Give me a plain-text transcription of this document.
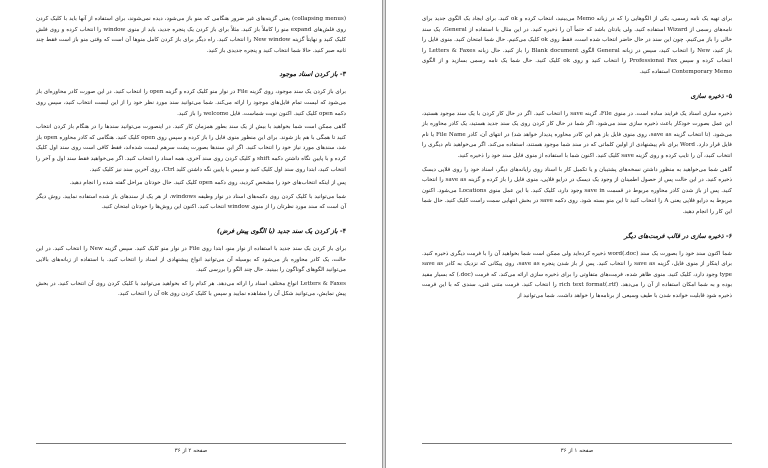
(collapsing menus) یعنی گزینه‌های غیر ضرور هنگامی که منو باز می‌شود، دیده نمی‌شوند، برای استفاده از آنها باید با کلیک کردن روی فلش‌های expand منو را کاملاً باز کنید. مثلاً برای باز کردن یک پنجره جدید، باید از منوی window را انتخاب کرده و روی فلش کلیک کنید و نهایتاً گزینه New window را انتخاب کنید. راه دیگر برای باز کردن کامل منوها آن است که وقتی منو باز است فقط چند ثانیه صبر کنید. حالا شما انتخاب کنید و پنجره جدیدی باز کنید.

۳- باز کردن اسناد موجود

برای باز کردن یک سند موجود، روی گزینه File در نوار منو کلیک کرده و گزینه open را انتخاب کنید. در این صورت کادر محاوره‌ای باز می‌شود که لیست تمام فایل‌های موجود را ارائه می‌کند. شما می‌توانید سند مورد نظر خود را از این لیست انتخاب کنید، سپس روی دکمه open کلیک کنید. اکنون نوبت شماست. فایل welcome را باز کنید.

گاهی ممکن است شما بخواهید با بیش از یک سند بطور همزمان کار کنید. در اینصورت می‌توانید سندها را در هنگام باز کردن انتخاب کنید تا همگی با هم باز شوند. برای این منظور منوی فایل را باز کرده و سپس روی open کلیک کنید. هنگامی که کادر محاوره open باز شد، سندهای مورد نیاز خود را انتخاب کنید. اگر این سندها بصورت پشت سرهم لیست شده‌اند، فقط کافی است روی سند اول کلیک کرده و با پایین نگاه داشتن دکمه shift و کلیک کردن روی سند آخری، همه اسناد را انتخاب کنید. اگر می‌خواهید فقط سند اول و آخر را انتخاب کنید، ابتدا روی سند اول کلیک کنید و سپس با پایین نگه داشتن کلید Ctrl، روی آخرین سند نیز کلیک کنید.

پس از اینکه انتخاب‌های خود را مشخص کردید، روی دکمه open کلیک کنید. حال خودتان مراحل گفته شده را انجام دهید.

شما می‌توانید با کلیک کردن روی دکمه‌های اسناد در نوار وظیفه windows، از هر یک از سندهای باز شده استفاده نمایید. روش دیگر آن است که سند مورد نظرتان را از منوی window انتخاب کنید. اکنون این روش‌ها را خودتان امتحان کنید.

۴- باز کردن یک سند جدید (با الگوی پیش فرض)

برای باز کردن یک سند جدید با استفاده از نوار منو، ابتدا روی File در نوار منو کلیک کنید. سپس گزینه New را انتخاب کنید. در این حالت، یک کادر محاوره باز می‌شود که بوسیله آن می‌توانید انواع پیشنهادی از اسناد را انتخاب کنید. با استفاده از زبانه‌های بالایی می‌توانید الگوهای گوناگون را ببینید. حال چند الگو را بررسی کنید.

Letters & Faxes انواع مختلف اسناد را ارائه می‌دهد. هر کدام را که بخواهید می‌توانید با کلیک کردن روی آن انتخاب کنید. در بخش پیش نمایش، می‌توانید شکل آن را مشاهده نمایید و سپس با کلیک کردن روی ok آن را انتخاب کنید.

صفحه ۲ از ۳۶

برای تهیه یک نامه رسمی، یکی از الگوهایی را که در زبانه Memo می‌بینید، انتخاب کرده و ok کنید. برای ایجاد یک الگوی جدید برای نامه‌های رسمی از Wizard استفاده کنید. ولی یادتان باشد که حتماً آن را ذخیره کنید. در این مثال با استفاده از General، یک سند خالی را باز می‌کنیم. چون این سند در حال حاضر انتخاب شده است، فقط روی ok کلیک می‌کنیم. حال شما امتحان کنید. منوی فایل را باز کنید، New را انتخاب کنید، سپس در زبانه General الگوی Blank document را باز کنید. حال زبانه Letters & Faxes را انتخاب کرده و سپس Professional Fax را انتخاب کنید و روی ok کلیک کنید. حال شما یک نامه رسمی بسازید و از الگوی Contemporary Memo استفاده کنید.

۵- ذخیره سازی

ذخیره سازی اسناد یک فرایند ساده است. در منوی File، گزینه save را انتخاب کنید. اگر در حال کار کردن با یک سند موجود هستید، این عمل بصورت خودکار باعث ذخیره سازی سند می‌شود. اگر شما در حال کار کردن روی یک سند جدید هستید، یک کادر محاوره باز می‌شود. (تا انتخاب گزینه save as، روی منوی فایل باز هم این کادر محاوره پدیدار خواهد شد) در انتهای آن، کادر File Name یا نام فایل قرار دارد. Word برای نام پیشنهادی از اولین کلماتی که در سند شما موجود هستند، استفاده می‌کند. اگر می‌خواهید نام دیگری را انتخاب کنید، آن را تایپ کرده و روی گزینه save کلیک کنید. اکنون شما با استفاده از منوی فایل سند خود را ذخیره کنید.

گاهی شما می‌خواهید به منظور داشتن نسخه‌های پشتیبان و یا تکمیل کار با اسناد روی رایانه‌های دیگر، اسناد خود را روی فلاپی دیسک ذخیره کنید. در این حالت پس از حصول اطمینان از وجود یک دیسک در درایو فلاپی، منوی فایل را باز کرده و گزینه save as را انتخاب کنید. پس از باز شدن کادر محاوره مربوط در قسمت save in وجود دارد، کلیک کنید. با این عمل منوی Locations می‌شود. اکنون مربوط به درایو فلاپی یعنی A را انتخاب کنید تا این منو بسته شود. روی دکمه save در بخش انتهایی سمت راست کلیک کنید. حال شما این کار را انجام دهید.

۶- ذخیره سازی در قالب فرمت‌های دیگر

شما اکنون سند خود را بصورت یک سند (doc.)word ذخیره کرده‌اید ولی ممکن است شما بخواهید آن را با فرمت دیگری ذخیره کنید. برای اینکار از منوی فایل، گزینه save as را انتخاب کنید. پس از باز شدن پنجره save as، روی پیکانی که نزدیک به کادر save as type وجود دارد، کلیک کنید. منوی ظاهر شده، فرمت‌های متفاوتی را برای ذخیره سازی ارائه می‌کند. که فرمت (doc.) که بسیار مفید بوده و به شما امکان استفاده از آن را می‌دهد. (rtf.)rich text format را انتخاب کنید. فرمت متنی غنی، سندی که با این فرمت ذخیره شود قابلیت خوانده شدن با طیف وسیعی از برنامه‌ها را خواهد داشت. شما می‌توانید از

صفحه ۱ از ۳۶
